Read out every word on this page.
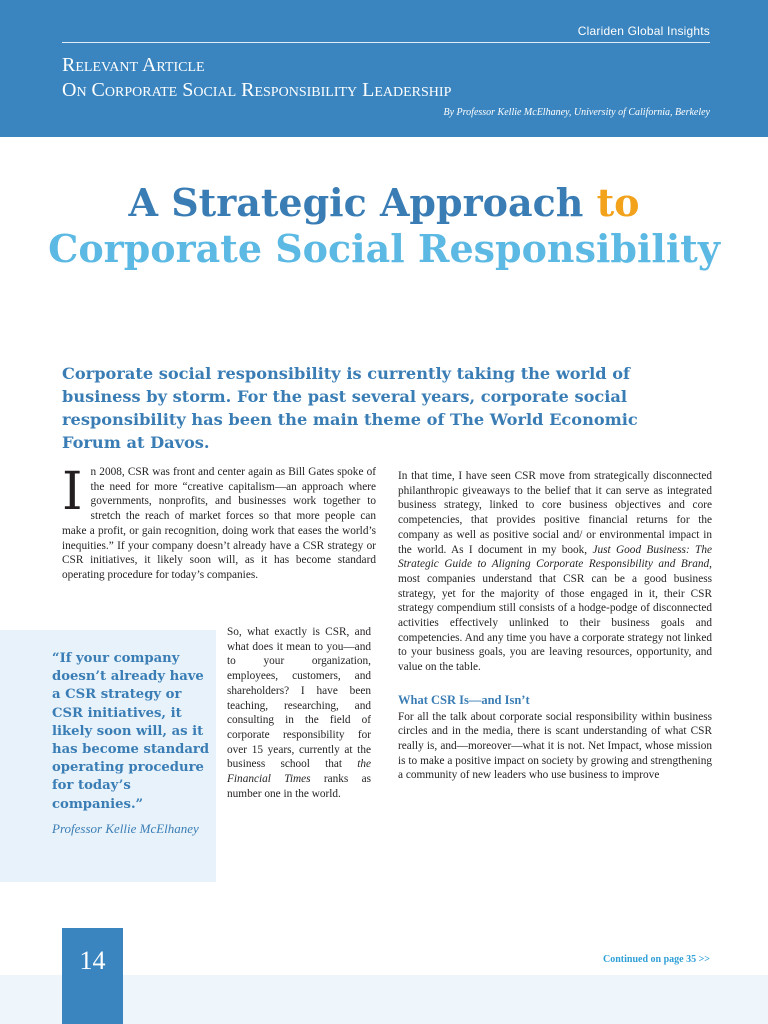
Clariden Global Insights
Relevant Article
On Corporate Social Responsibility Leadership
By Professor Kellie McElhaney, University of California, Berkeley
A Strategic Approach to
Corporate Social Responsibility
Corporate social responsibility is currently taking the world of business by storm. For the past several years, corporate social responsibility has been the main theme of The World Economic Forum at Davos.
In 2008, CSR was front and center again as Bill Gates spoke of the need for more “creative capitalism—an approach where governments, nonprofits, and businesses work together to stretch the reach of market forces so that more people can make a profit, or gain recognition, doing work that eases the world’s inequities.” If your company doesn’t already have a CSR strategy or CSR initiatives, it likely soon will, as it has become standard operating procedure for today’s companies.
“If your company doesn’t already have a CSR strategy or CSR initiatives, it likely soon will, as it has become standard operating procedure for today’s companies.”
Professor Kellie McElhaney
So, what exactly is CSR, and what does it mean to you—and to your organization, employees, customers, and shareholders? I have been teaching, researching, and consulting in the field of corporate responsibility for over 15 years, currently at the business school that the Financial Times ranks as number one in the world.
In that time, I have seen CSR move from strategically disconnected philanthropic giveaways to the belief that it can serve as integrated business strategy, linked to core business objectives and core competencies, that provides positive financial returns for the company as well as positive social and/ or environmental impact in the world. As I document in my book, Just Good Business: The Strategic Guide to Aligning Corporate Responsibility and Brand, most companies understand that CSR can be a good business strategy, yet for the majority of those engaged in it, their CSR strategy compendium still consists of a hodge-podge of disconnected activities effectively unlinked to their business goals and competencies. And any time you have a corporate strategy not linked to your business goals, you are leaving resources, opportunity, and value on the table.
What CSR Is—and Isn’t
For all the talk about corporate social responsibility within business circles and in the media, there is scant understanding of what CSR really is, and—moreover—what it is not. Net Impact, whose mission is to make a positive impact on society by growing and strengthening a community of new leaders who use business to improve
14	Continued on page 35 >>
